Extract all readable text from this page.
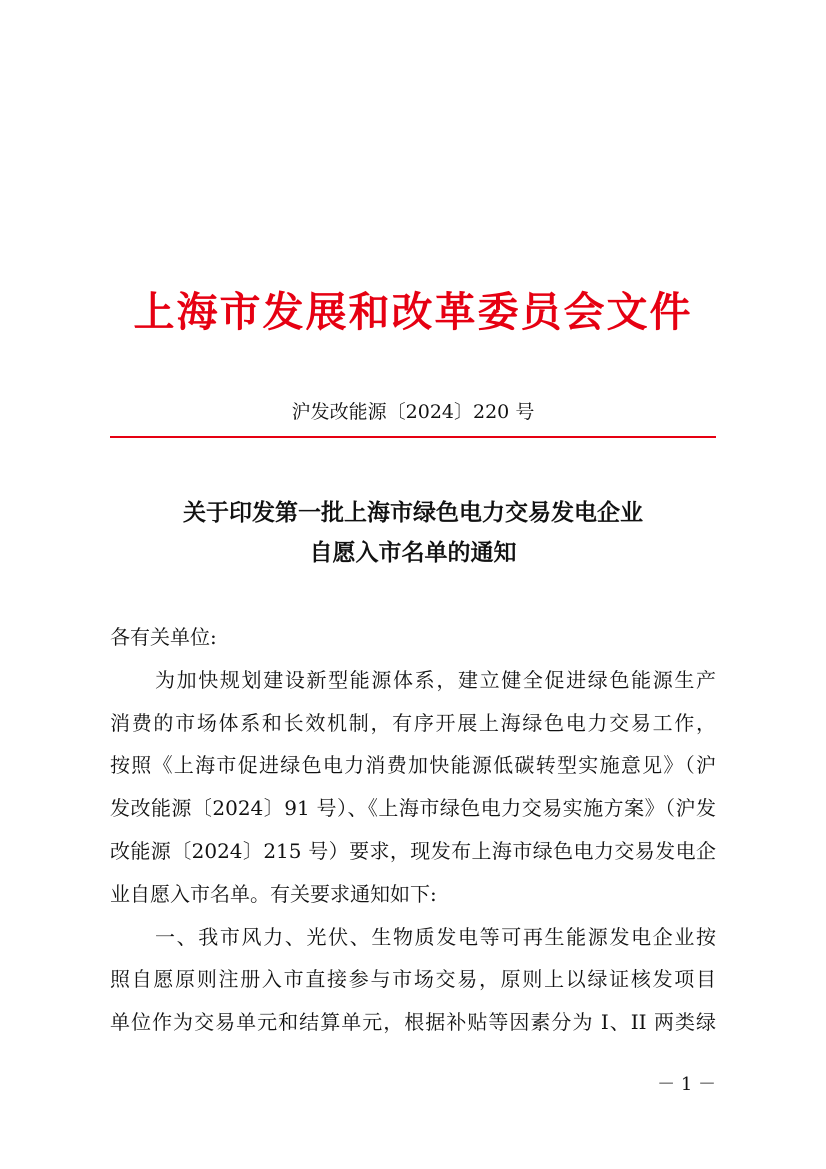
上海市发展和改革委员会文件
沪发改能源〔2024〕220 号
关于印发第一批上海市绿色电力交易发电企业
自愿入市名单的通知
各有关单位:
为加快规划建设新型能源体系，建立健全促进绿色能源生产
消费的市场体系和长效机制，有序开展上海绿色电力交易工作，
按照《上海市促进绿色电力消费加快能源低碳转型实施意见》（沪
发改能源〔2024〕91 号）、《上海市绿色电力交易实施方案》（沪发
改能源〔2024〕215 号）要求，现发布上海市绿色电力交易发电企
业自愿入市名单。有关要求通知如下:
一、我市风力、光伏、生物质发电等可再生能源发电企业按
照自愿原则注册入市直接参与市场交易，原则上以绿证核发项目
单位作为交易单元和结算单元，根据补贴等因素分为 I、II 两类绿
－ 1 －
